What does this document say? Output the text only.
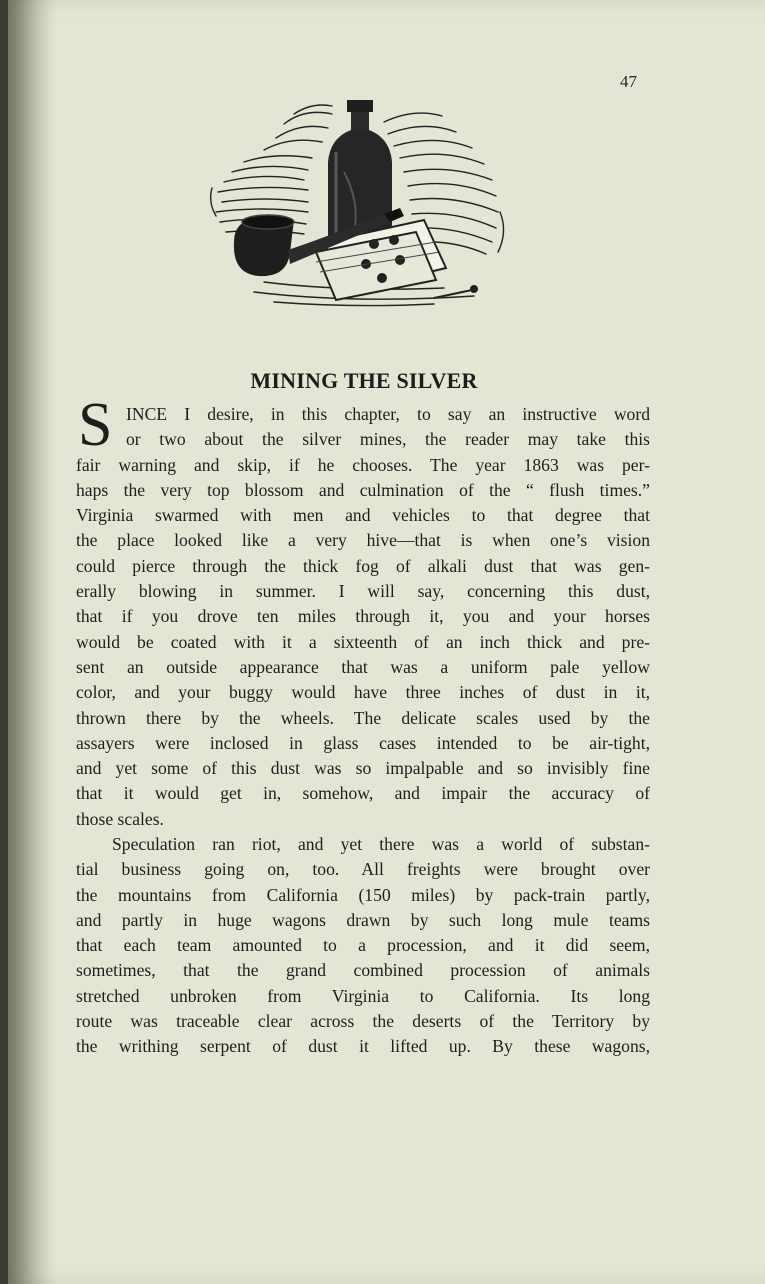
47
MINING THE SILVER
S INCE I desire, in this chapter, to say an instructive word
or two about the silver mines, the reader may take this
fair warning and skip, if he chooses. The year 1863 was per-
haps the very top blossom and culmination of the “ flush times.”
Virginia swarmed with men and vehicles to that degree that
the place looked like a very hive—that is when one’s vision
could pierce through the thick fog of alkali dust that was gen-
erally blowing in summer. I will say, concerning this dust,
that if you drove ten miles through it, you and your horses
would be coated with it a sixteenth of an inch thick and pre-
sent an outside appearance that was a uniform pale yellow
color, and your buggy would have three inches of dust in it,
thrown there by the wheels. The delicate scales used by the
assayers were inclosed in glass cases intended to be air-tight,
and yet some of this dust was so impalpable and so invisibly fine
that it would get in, somehow, and impair the accuracy of
those scales.
Speculation ran riot, and yet there was a world of substan-
tial business going on, too. All freights were brought over
the mountains from California (150 miles) by pack-train partly,
and partly in huge wagons drawn by such long mule teams
that each team amounted to a procession, and it did seem,
sometimes, that the grand combined procession of animals
stretched unbroken from Virginia to California. Its long
route was traceable clear across the deserts of the Territory by
the writhing serpent of dust it lifted up. By these wagons,
